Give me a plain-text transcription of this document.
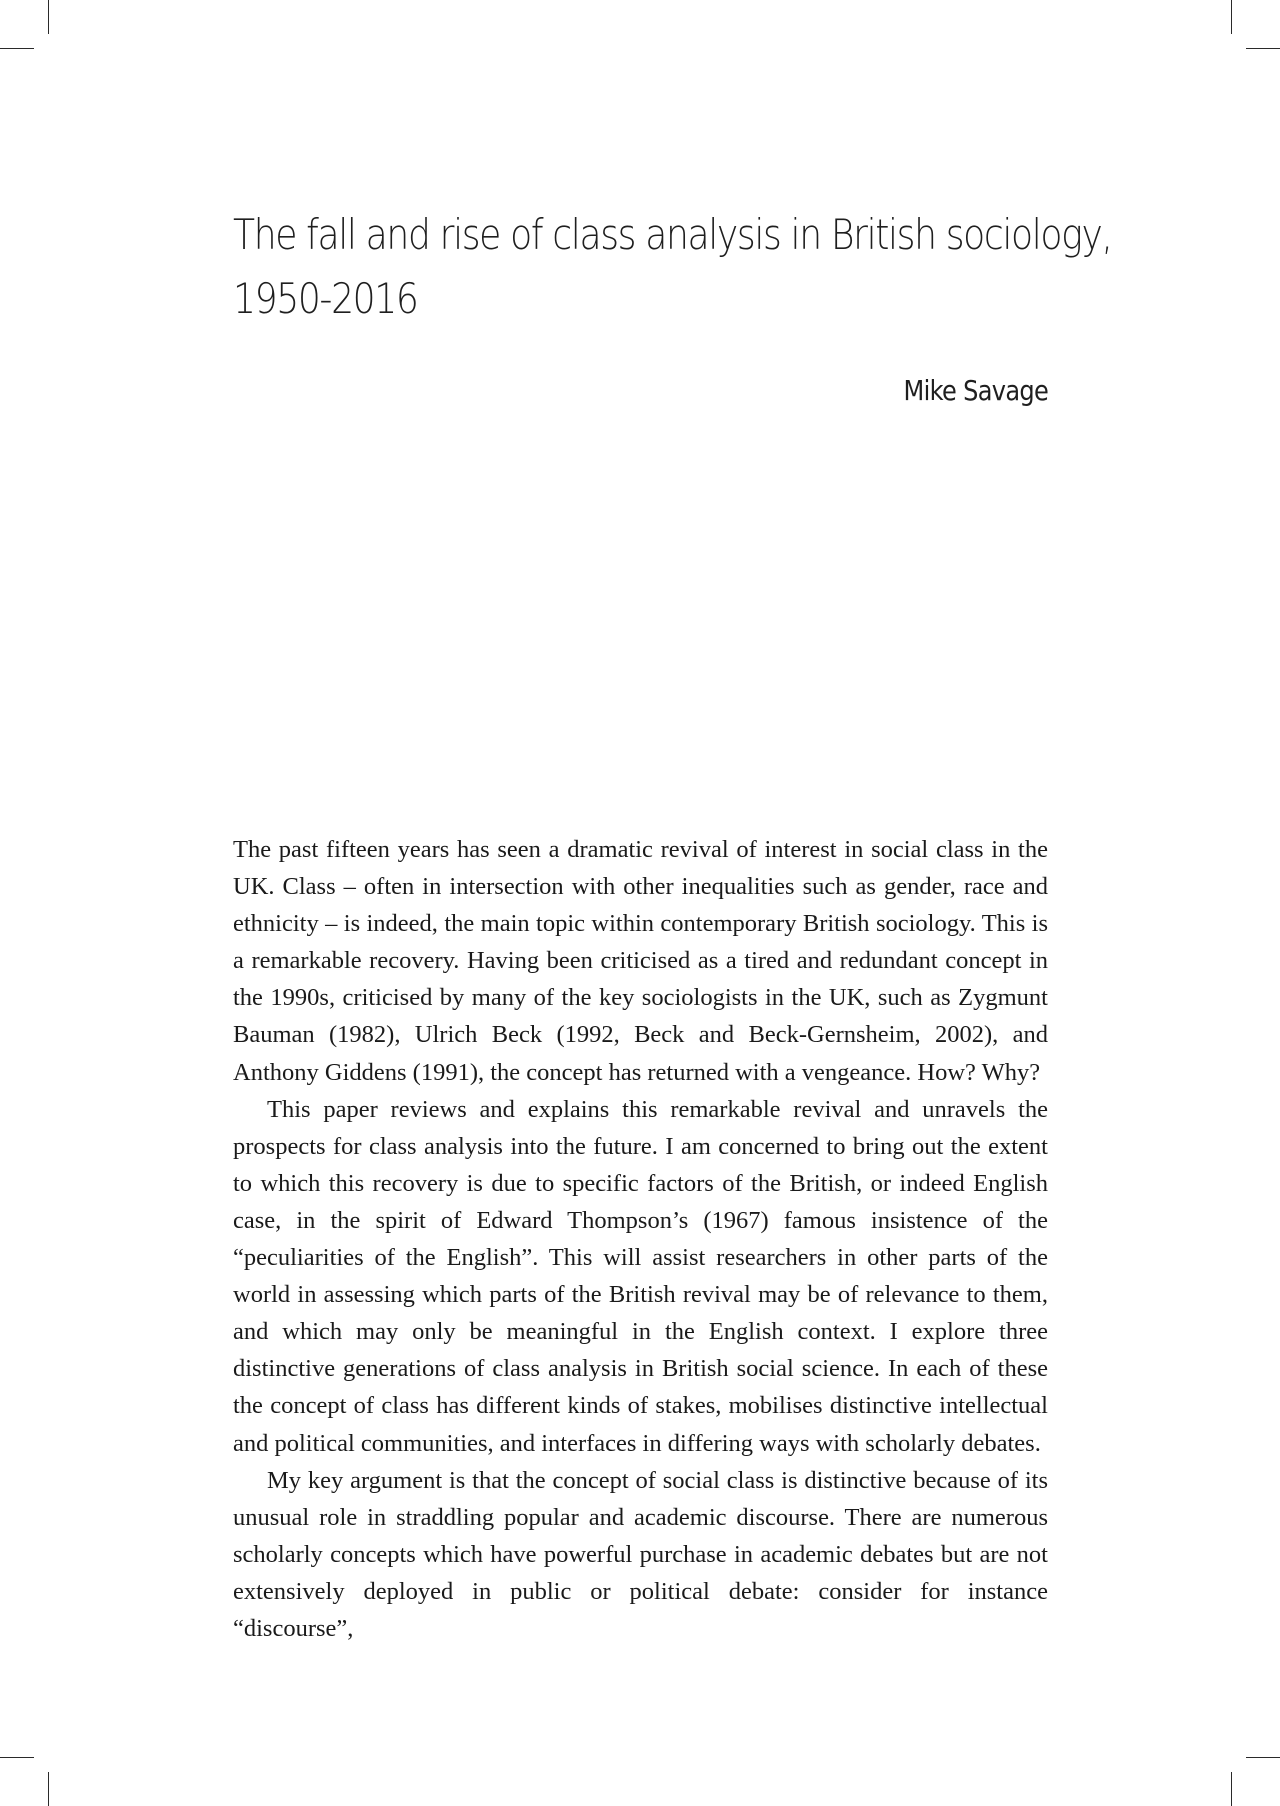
The fall and rise of class analysis in British sociology,
1950-2016

Mike Savage

The past fifteen years has seen a dramatic revival of interest in social class in the UK. Class – often in intersection with other inequalities such as gender, race and ethnicity – is indeed, the main topic within contemporary British sociology. This is a remarkable recovery. Having been criticised as a tired and redundant concept in the 1990s, criticised by many of the key sociologists in the UK, such as Zygmunt Bauman (1982), Ulrich Beck (1992, Beck and Beck-Gernsheim, 2002), and Anthony Giddens (1991), the concept has returned with a vengeance. How? Why?

This paper reviews and explains this remarkable revival and unravels the prospects for class analysis into the future. I am concerned to bring out the extent to which this recovery is due to specific factors of the British, or indeed English case, in the spirit of Edward Thompson’s (1967) famous insistence of the “peculiarities of the English”. This will assist researchers in other parts of the world in assessing which parts of the British revival may be of relevance to them, and which may only be meaningful in the English context. I explore three distinctive generations of class analysis in British social science. In each of these the concept of class has different kinds of stakes, mobilises distinctive intellectual and political communities, and interfaces in differing ways with scholarly debates.

My key argument is that the concept of social class is distinctive because of its unusual role in straddling popular and academic discourse. There are numerous scholarly concepts which have powerful purchase in academic debates but are not extensively deployed in public or political debate: consider for instance “discourse”,
